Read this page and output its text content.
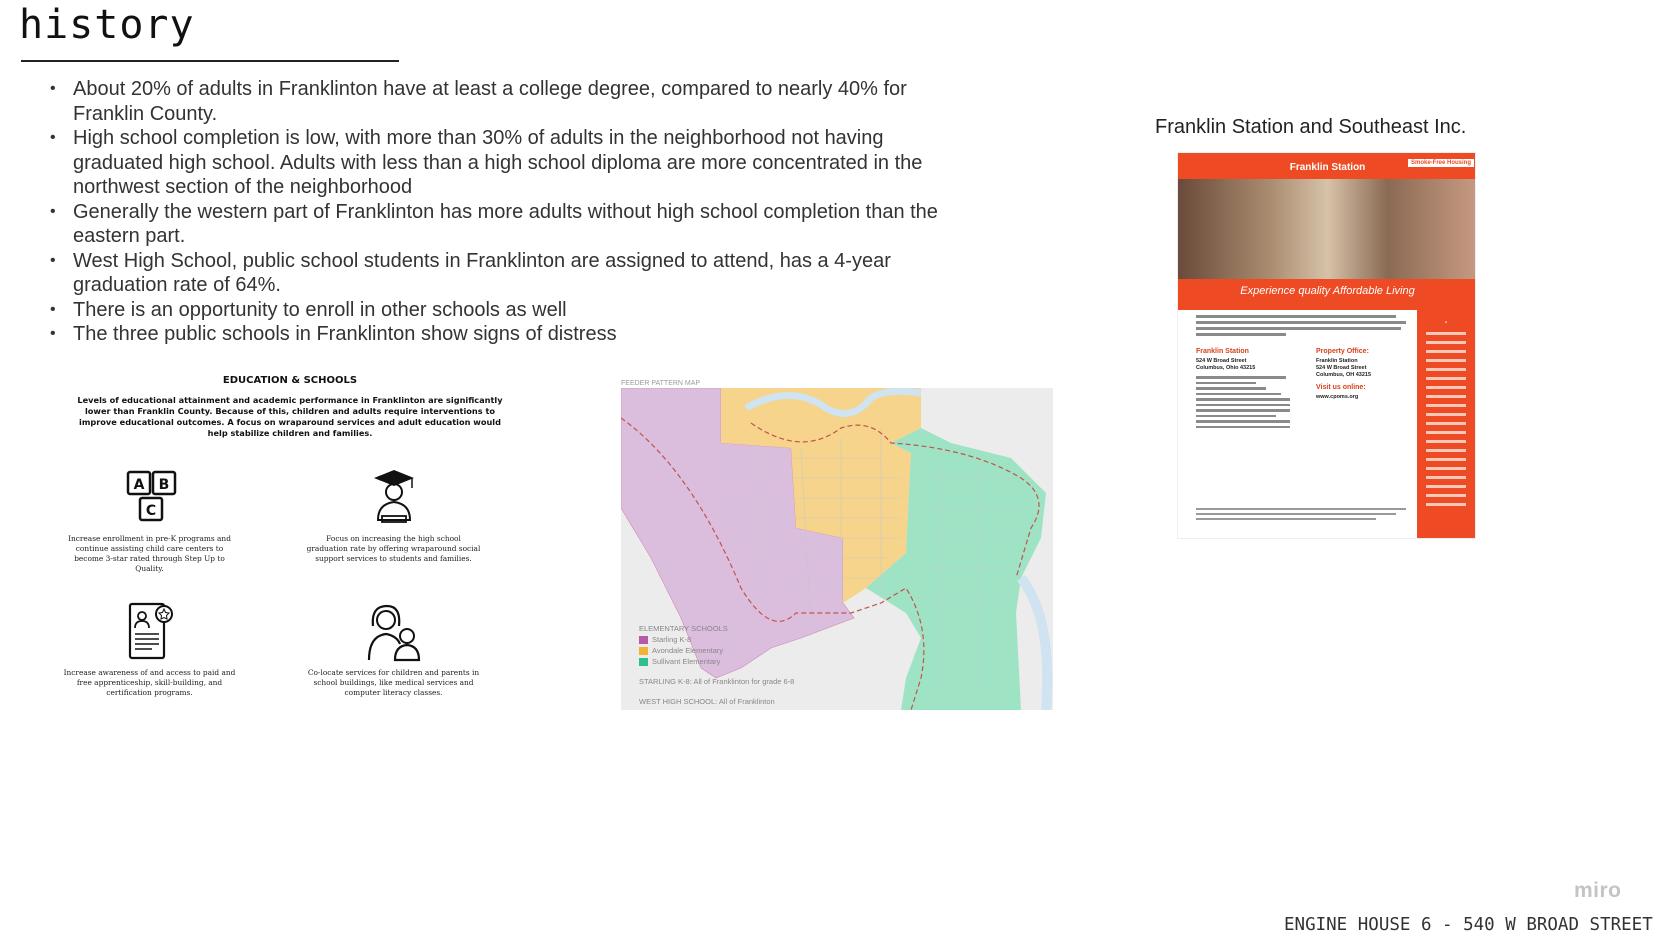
history
• About 20% of adults in Franklinton have at least a college degree, compared to nearly 40% for Franklin County.
• High school completion is low, with more than 30% of adults in the neighborhood not having graduated high school. Adults with less than a high school diploma are more concentrated in the northwest section of the neighborhood
• Generally the western part of Franklinton has more adults without high school completion than the eastern part.
• West High School, public school students in Franklinton are assigned to attend, has a 4-year graduation rate of 64%.
• There is an opportunity to enroll in other schools as well
• The three public schools in Franklinton show signs of distress
EDUCATION & SCHOOLS
Levels of educational attainment and academic performance in Franklinton are significantly lower than Franklin County. Because of this, children and adults require interventions to improve educational outcomes. A focus on wraparound services and adult education would help stabilize children and families.
A B
C
Increase enrollment in pre-K programs and continue assisting child care centers to become 3-star rated through Step Up to Quality.
Focus on increasing the high school graduation rate by offering wraparound social support services to students and families.
Increase awareness of and access to paid and free apprenticeship, skill-building, and certification programs.
Co-locate services for children and parents in school buildings, like medical services and computer literacy classes.
FEEDER PATTERN MAP
ELEMENTARY SCHOOLS
Starling K-8
Avondale Elementary
Sullivant Elementary
STARLING K-8: All of Franklinton for grade 6-8
WEST HIGH SCHOOL: All of Franklinton
Franklin Station and Southeast Inc.
Franklin Station	Smoke-Free Housing
Experience quality Affordable Living
•
Franklin Station
524 W Broad Street
Columbus, Ohio 43215
Property Office:
Franklin Station
524 W Broad Street
Columbus, OH 43215
Visit us online:
www.cpoms.org
miro
ENGINE HOUSE 6 - 540 W BROAD STREET
